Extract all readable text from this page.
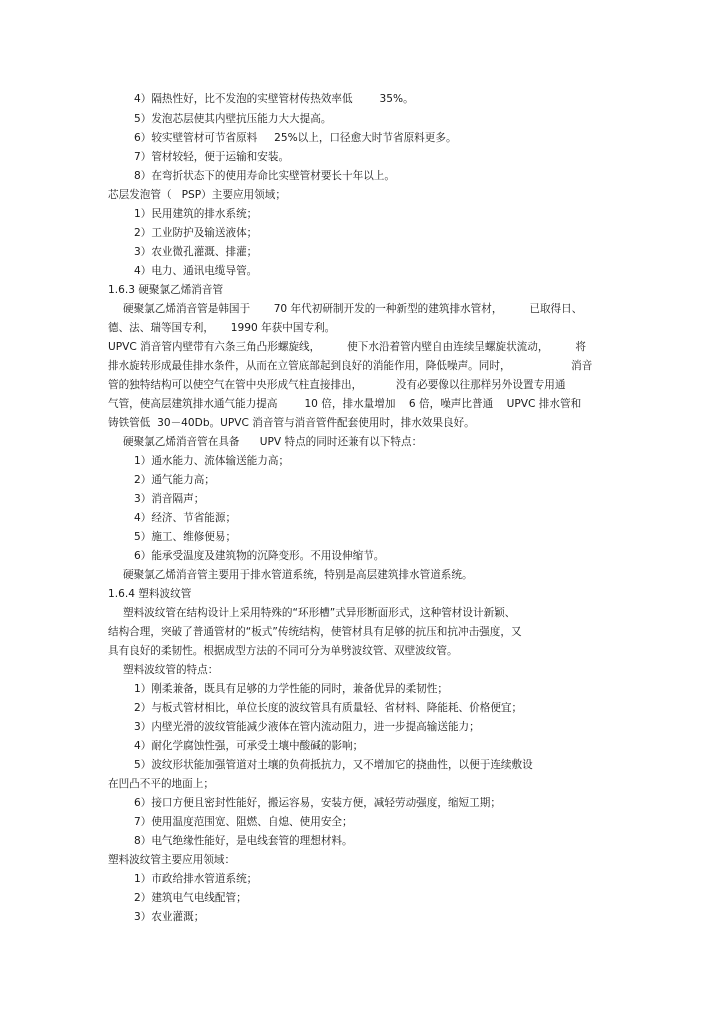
4）隔热性好，比不发泡的实壁管材传热效率低        35%。
5）发泡芯层使其内壁抗压能力大大提高。
6）较实壁管材可节省原料     25%以上，口径愈大时节省原料更多。
7）管材较轻，便于运输和安装。
8）在弯折状态下的使用寿命比实壁管材要长十年以上。
芯层发泡管（   PSP）主要应用领域；
1）民用建筑的排水系统；
2）工业防护及输送液体；
3）农业微孔灌溉、排灌；
4）电力、通讯电缆导管。
1.6.3 硬聚氯乙烯消音管
硬聚氯乙烯消音管是韩国于       70 年代初研制开发的一种新型的建筑排水管材，        已取得日、
德、法、瑞等国专利，     1990 年获中国专利。
UPVC 消音管内壁带有六条三角凸形螺旋线，        使下水沿着管内壁自由连续呈螺旋状流动，        将
排水旋转形成最佳排水条件，从而在立管底部起到良好的消能作用，降低噪声。同时，                  消音
管的独特结构可以使空气在管中央形成气柱直接排出，          没有必要像以往那样另外设置专用通
气管，使高层建筑排水通气能力提高        10 倍，排水量增加    6 倍，噪声比普通    UPVC 排水管和
铸铁管低  30－40Db。UPVC 消音管与消音管件配套使用时，排水效果良好。
硬聚氯乙烯消音管在具备      UPV 特点的同时还兼有以下特点：
1）通水能力、流体输送能力高；
2）通气能力高；
3）消音隔声；
4）经济、节省能源；
5）施工、维修便易；
6）能承受温度及建筑物的沉降变形。不用设伸缩节。
硬聚氯乙烯消音管主要用于排水管道系统，特别是高层建筑排水管道系统。
1.6.4 塑料波纹管
塑料波纹管在结构设计上采用特殊的“环形槽”式异形断面形式，这种管材设计新颖、
结构合理，突破了普通管材的“板式”传统结构，使管材具有足够的抗压和抗冲击强度，又
具有良好的柔韧性。根据成型方法的不同可分为单劈波纹管、双壁波纹管。
塑料波纹管的特点：
1）刚柔兼备，既具有足够的力学性能的同时，兼备优异的柔韧性；
2）与板式管材相比，单位长度的波纹管具有质量轻、省材料、降能耗、价格便宜；
3）内壁光滑的波纹管能减少液体在管内流动阻力，进一步提高输送能力；
4）耐化学腐蚀性强，可承受土壤中酸碱的影响；
5）波纹形状能加强管道对土壤的负荷抵抗力，又不增加它的挠曲性，以便于连续敷设
在凹凸不平的地面上；
6）接口方便且密封性能好，搬运容易，安装方便，减轻劳动强度，缩短工期；
7）使用温度范围宽、阻燃、自熄、使用安全；
8）电气绝缘性能好，是电线套管的理想材料。
塑料波纹管主要应用领域：
1）市政给排水管道系统；
2）建筑电气电线配管；
3）农业灌溉；
